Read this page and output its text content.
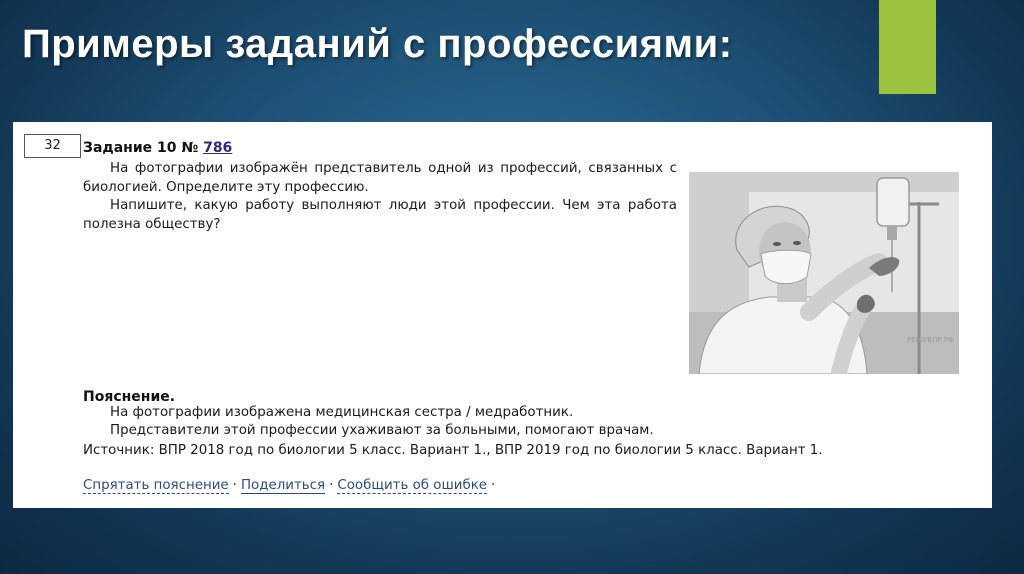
Примеры заданий с профессиями:
32	Задание 10 № 786

На фотографии изображён представитель одной из профессий, связанных с биологией. Определите эту профессию.

Напишите, какую работу выполняют люди этой профессии. Чем эта работа полезна обществу?

РЕШУВПР.РФ
Пояснение.

На фотографии изображена медицинская сестра / медработник.

Представители этой профессии ухаживают за больными, помогают врачам.

Источник: ВПР 2018 год по биологии 5 класс. Вариант 1., ВПР 2019 год по биологии 5 класс. Вариант 1.
Спрятать пояснение · Поделиться · Сообщить об ошибке ·
